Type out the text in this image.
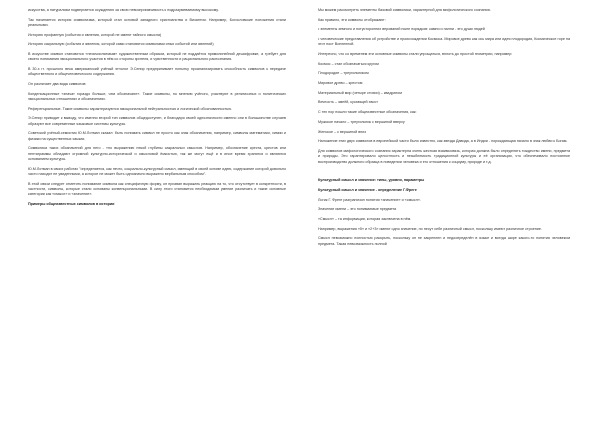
искусства, а натурализм подвергается осуждению за свою невосприимчивость к подразумеваемому высокому.

Так начинается история символизма, который стал основой западного христианства и Византии. Например, Богословские положения стали реальными.

Историю профанную (события и явления, которой не имеют тайного смысла)

Историю сакральную (события и явления, которой сами становятся символами иных событий или явлений)

В искусстве символ становится «неисчисляемым» художественным образом, который не поддаётся прямолинейной дешифровке, а требует для своего понимания эмоционального участия в нём со стороны зрителя, и чувственности и рационального распознания.

В 30-х гг. прошлого века американский учёный этнолог Э.Сепир предпринимает попытку проанализировать способность символов к передаче общественного и общечеловеческого содержания.

Он различает два вида символов:

Конденсационные «значат гораздо больше, чем обозначают». Такие символы, по мнению учёного, участвуют в религиозных и политических эмоциональных отношениях и обозначениях.

Референциальные. Такие символы характеризуются эмоциональной нейтральностью и логической обоснованностью.

Э.Сепир приводит к выводу, что именно второй тип символов общедоступен, и благодаря своей однозначности именно они в большинстве случаев образуют все современные языковые системы культуры.

Советский учёный-семиотик Ю.М.Лотман сказал: быть понимать символ не просто как знак обозначения, например, символы математики, химии и физики на существенных языках.

Символика таких обозначений для него - «по выражению некой глубины сакральных смыслов. Например, обозначение креста, крестов или пентаграммы обладают огромной культурно-исторической и смысловой ёмкостью, так же могут ещё и в иное время хранятся и являются основанием культуры.

Ю.М.Лотман в своих работах "определяется, как нечто, социально-культурный смысл, имеющий в своей основе идею, содержание которой довольно часто находят не увиденными, а которое не может быть однозначно выражено вербальным способом".

В этой связи следует отметить понимание символа как специфичную форму, он призван выражать реакцию на то, что отсутствует в конкретности, в частности, символы, которые стали основаны конвенциональными. В силу этого становится необходимым умение различать и такие основные категории как «смысл» и «значение».

Примеры общеизвестных символов в истории

Мы можем рассмотреть элементы базовой символики, характерной для мифологического сознания.

Как правило, эти символы отображают:

• элементы земного и потусторонних верований ныне порядков: камни и пални - это души людей

• человеческие представления об устройстве и происхождении Космоса. Мировое древо как ось мира или идея плодородия, Космическое горе на этот пост Вселенной.

Интересно, что со временем эти основные символы стали упрощаться, вплоть до простой геометрии, например:

Космос – стал обозначаться кругом

Плодородие – треугольником

Мировое древо – крестом

Материальный мир (четыре стихии) – квадратом

Вечность – змеёй, кусающей хвост

С тех пор пошли такие общеизвестные обозначения, как:

Мужское начало – треугольник с вершиной вверху

Женское – с вершиной вниз

Наложение этих двух символов в европейской части было известно, как звезда Давида, а в Индии - порождающая начало в знак любви к Богам.

Для символов мифологического сознания характерна очень жесткая взаимосвязь, которая должна было определять тождество имени, предмета и природы. Это гарантировало целостность и незыблемость традиционной культуры и её организации, что обеспечивало постоянное воспроизводство должного образца в поведении человека и его отношения к социуму, природе и т.д.

Культурный смысл и значение: типы, уровни, параметры

Культурный смысл и значение - определение Г.Фреге

Логик Г. Фреге разграничил понятия «значение» и «смысл».

Значение имени – это понимаемые предмета

«Смысл» – та информация, которая заключена в нём.

Например, выражения «5» и «2+3» имеют одно значение, но несут себе различный смысл, поскольку имеют различное строение.

Смысл невозможно полностью раскрыть, поскольку он не закреплен и недоопределён в языке и всегда шире какого-то понятия человеком предмета. Такая невозможность полной
